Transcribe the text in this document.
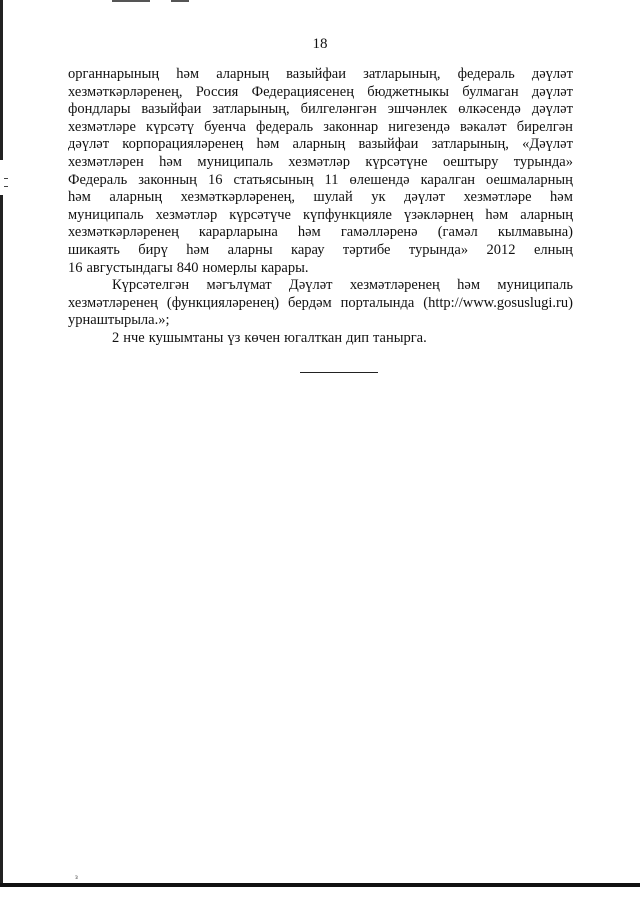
18
органнарының һәм аларның вазыйфаи затларының, федераль дәүләт
хезмәткәрләренең, Россия Федерациясенең бюджетныкы булмаган дәүләт
фондлары вазыйфаи затларының, билгеләнгән эшчәнлек өлкәсендә дәүләт
хезмәтләре күрсәтү буенча федераль законнар нигезендә вәкаләт бирелгән
дәүләт корпорацияләренең һәм аларның вазыйфаи затларының, «Дәүләт
хезмәтләрен һәм муниципаль хезмәтләр күрсәтүне оештыру турында»
Федераль законның 16 статьясының 11 өлешендә каралган оешмаларның
һәм аларның хезмәткәрләренең, шулай ук дәүләт хезмәтләре һәм
муниципаль хезмәтләр күрсәтүче күпфункцияле үзәкләрнең һәм аларның
хезмәткәрләренең карарларына һәм гамәлләренә (гамәл кылмавына)
шикаять бирү һәм аларны карау тәртибе турында» 2012 елның
16 августындагы 840 номерлы карары.
Күрсәтелгән мәгълүмат Дәүләт хезмәтләренең һәм муниципаль
хезмәтләренең (функцияләренең) бердәм порталында (http://www.gosuslugi.ru)
урнаштырыла.»;
2 нче кушымтаны үз көчен югалткан дип танырга.
з
